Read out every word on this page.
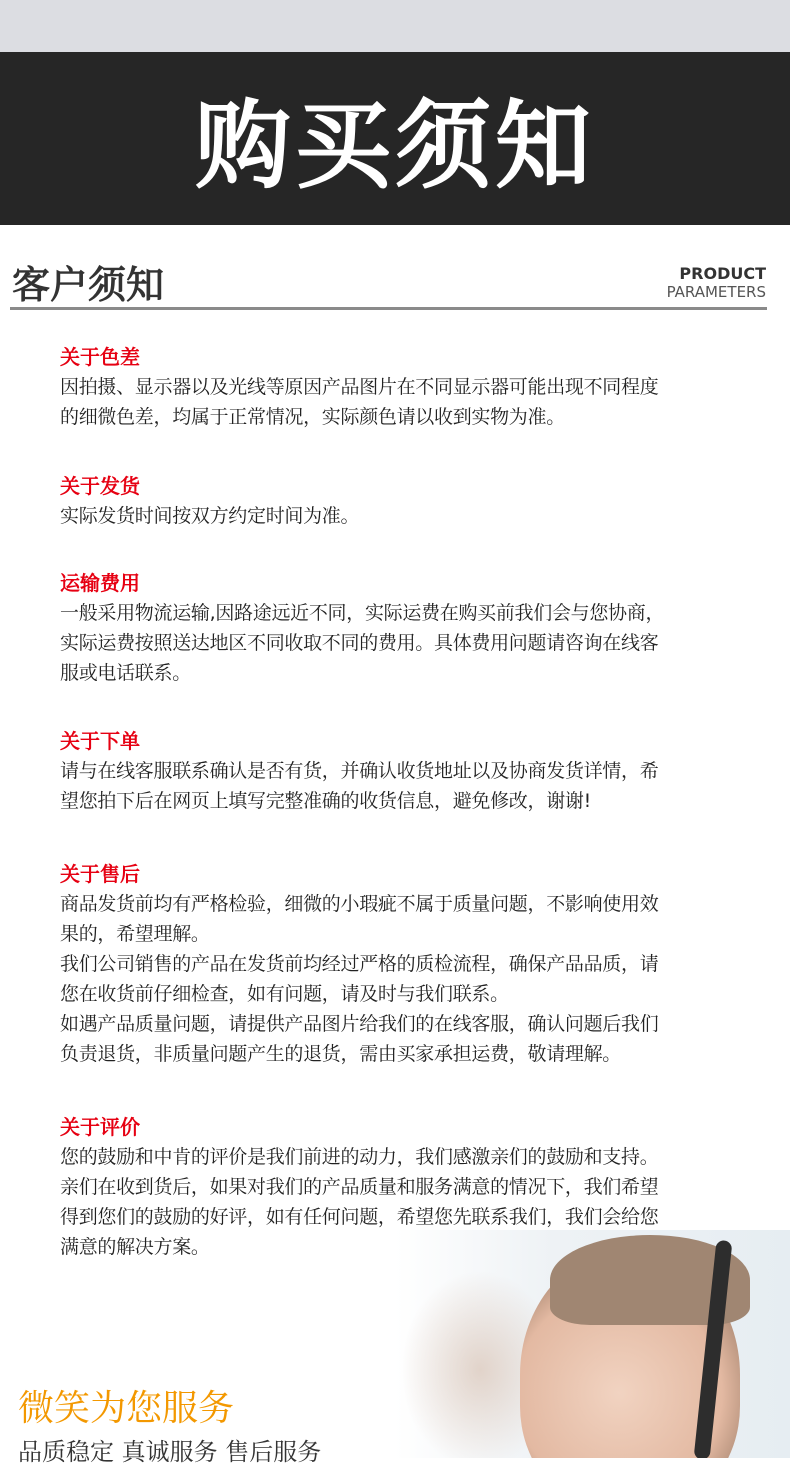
购买须知
客户须知	PRODUCT
PARAMETERS
关于色差

因拍摄、显示器以及光线等原因产品图片在不同显示器可能出现不同程度

的细微色差，均属于正常情况，实际颜色请以收到实物为准。

关于发货

实际发货时间按双方约定时间为准。

运输费用

一般采用物流运输,因路途远近不同，实际运费在购买前我们会与您协商，

实际运费按照送达地区不同收取不同的费用。具体费用问题请咨询在线客

服或电话联系。

关于下单

请与在线客服联系确认是否有货，并确认收货地址以及协商发货详情，希

望您拍下后在网页上填写完整准确的收货信息，避免修改，谢谢!

关于售后

商品发货前均有严格检验，细微的小瑕疵不属于质量问题，不影响使用效

果的，希望理解。

我们公司销售的产品在发货前均经过严格的质检流程，确保产品品质，请

您在收货前仔细检查，如有问题，请及时与我们联系。

如遇产品质量问题，请提供产品图片给我们的在线客服，确认问题后我们

负责退货，非质量问题产生的退货，需由买家承担运费，敬请理解。

关于评价

您的鼓励和中肯的评价是我们前进的动力，我们感激亲们的鼓励和支持。

亲们在收到货后，如果对我们的产品质量和服务满意的情况下，我们希望

得到您们的鼓励的好评，如有任何问题，希望您先联系我们，我们会给您

满意的解决方案。

微笑为您服务
品质稳定 真诚服务 售后服务
